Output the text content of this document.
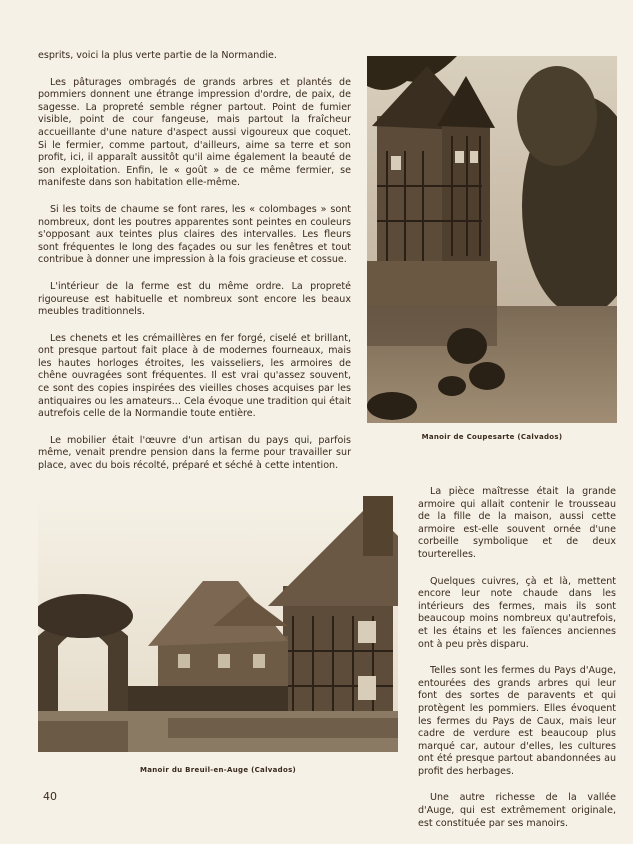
esprits, voici la plus verte partie de la Normandie.

Les pâturages ombragés de grands arbres et plantés de pommiers donnent une étrange impression d'ordre, de paix, de sagesse. La propreté semble régner partout. Point de fumier visible, point de cour fangeuse, mais partout la fraîcheur accueillante d'une nature d'aspect aussi vigoureux que coquet. Si le fermier, comme partout, d'ailleurs, aime sa terre et son profit, ici, il apparaît aussitôt qu'il aime également la beauté de son exploitation. Enfin, le « goût » de ce même fermier, se manifeste dans son habitation elle-même.

Si les toits de chaume se font rares, les « colombages » sont nombreux, dont les poutres apparentes sont peintes en couleurs s'opposant aux teintes plus claires des intervalles. Les fleurs sont fréquentes le long des façades ou sur les fenêtres et tout contribue à donner une impression à la fois gracieuse et cossue.

L'intérieur de la ferme est du même ordre. La propreté rigoureuse est habituelle et nombreux sont encore les beaux meubles traditionnels.

Les chenets et les crémaillères en fer forgé, ciselé et brillant, ont presque partout fait place à de modernes fourneaux, mais les hautes horloges étroites, les vaisseliers, les armoires de chêne ouvragées sont fréquentes. Il est vrai qu'assez souvent, ce sont des copies inspirées des vieilles choses acquises par les antiquaires ou les amateurs... Cela évoque une tradition qui était autrefois celle de la Normandie toute entière.

Le mobilier était l'œuvre d'un artisan du pays qui, parfois même, venait prendre pension dans la ferme pour travailler sur place, avec du bois récolté, préparé et séché à cette intention.

Manoir de Coupesarte (Calvados)
Manoir du Breuil-en-Auge (Calvados)

La pièce maîtresse était la grande armoire qui allait contenir le trousseau de la fille de la maison, aussi cette armoire est-elle souvent ornée d'une corbeille symbolique et de deux tourterelles.

Quelques cuivres, çà et là, mettent encore leur note chaude dans les intérieurs des fermes, mais ils sont beaucoup moins nombreux qu'autrefois, et les étains et les faïences anciennes ont à peu près disparu.

Telles sont les fermes du Pays d'Auge, entourées des grands arbres qui leur font des sortes de paravents et qui protègent les pommiers. Elles évoquent les fermes du Pays de Caux, mais leur cadre de verdure est beaucoup plus marqué car, autour d'elles, les cultures ont été presque partout abandonnées au profit des herbages.

Une autre richesse de la vallée d'Auge, qui est extrêmement originale, est constituée par ses manoirs.

40
